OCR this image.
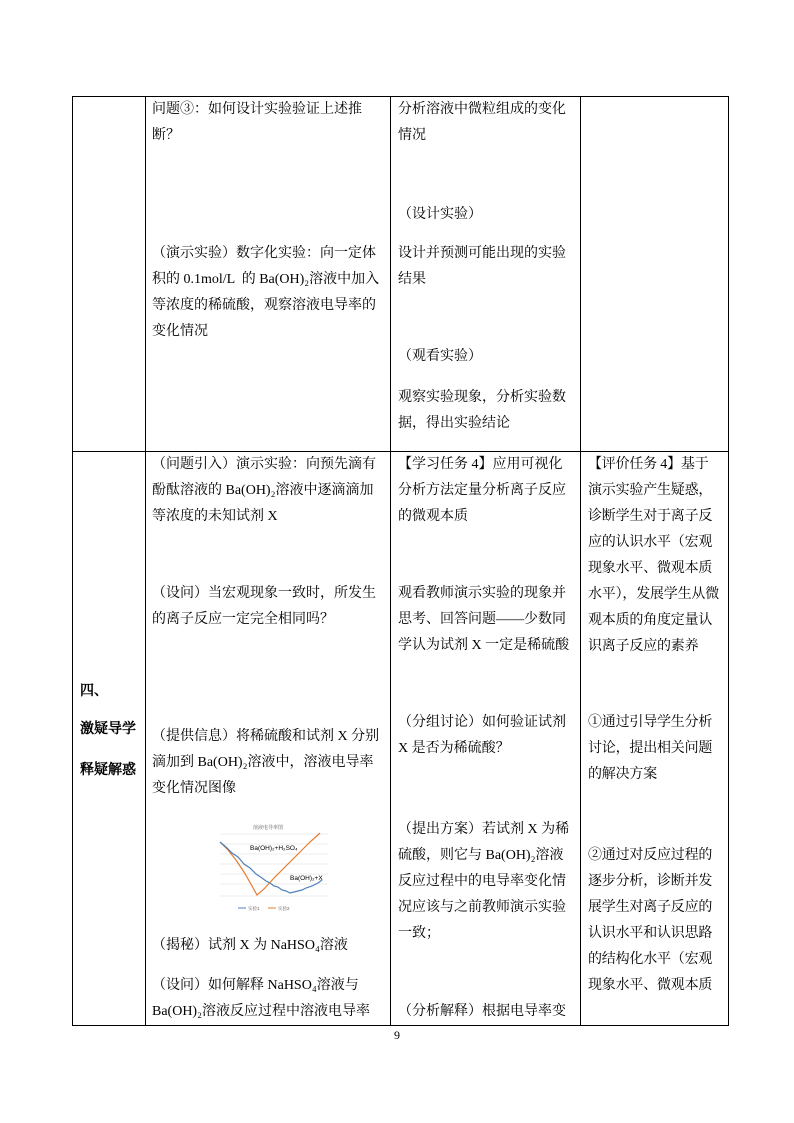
问题③：如何设计实验验证上述推
断？
（演示实验）数字化实验：向一定体
积的 0.1mol/L  的 Ba(OH)₂溶液中加入
等浓度的稀硫酸，观察溶液电导率的
变化情况
分析溶液中微粒组成的变化
情况
（设计实验）
设计并预测可能出现的实验
结果
（观看实验）
观察实验现象，分析实验数
据，得出实验结论
四、
激疑导学
释疑解惑
（问题引入）演示实验：向预先滴有
酚酞溶液的 Ba(OH)₂溶液中逐滴滴加
等浓度的未知试剂 X
（设问）当宏观现象一致时，所发生
的离子反应一定完全相同吗？
（提供信息）将稀硫酸和试剂 X 分别
滴加到 Ba(OH)₂溶液中，溶液电导率
变化情况图像
溶液电导率图
Ba(OH)₂+H₂SO₄
Ba(OH)₂+X
实验1	实验2
（揭秘）试剂 X 为 NaHSO₄溶液
（设问）如何解释 NaHSO₄溶液与
Ba(OH)₂溶液反应过程中溶液电导率
【学习任务 4】应用可视化
分析方法定量分析离子反应
的微观本质
观看教师演示实验的现象并
思考、回答问题——少数同
学认为试剂 X 一定是稀硫酸
（分组讨论）如何验证试剂
X 是否为稀硫酸？
（提出方案）若试剂 X 为稀
硫酸，则它与 Ba(OH)₂溶液
反应过程中的电导率变化情
况应该与之前教师演示实验
一致；
（分析解释）根据电导率变
【评价任务 4】基于
演示实验产生疑惑，
诊断学生对于离子反
应的认识水平（宏观
现象水平、微观本质
水平），发展学生从微
观本质的角度定量认
识离子反应的素养
①通过引导学生分析
讨论，提出相关问题
的解决方案
②通过对反应过程的
逐步分析，诊断并发
展学生对离子反应的
认识水平和认识思路
的结构化水平（宏观
现象水平、微观本质
9
